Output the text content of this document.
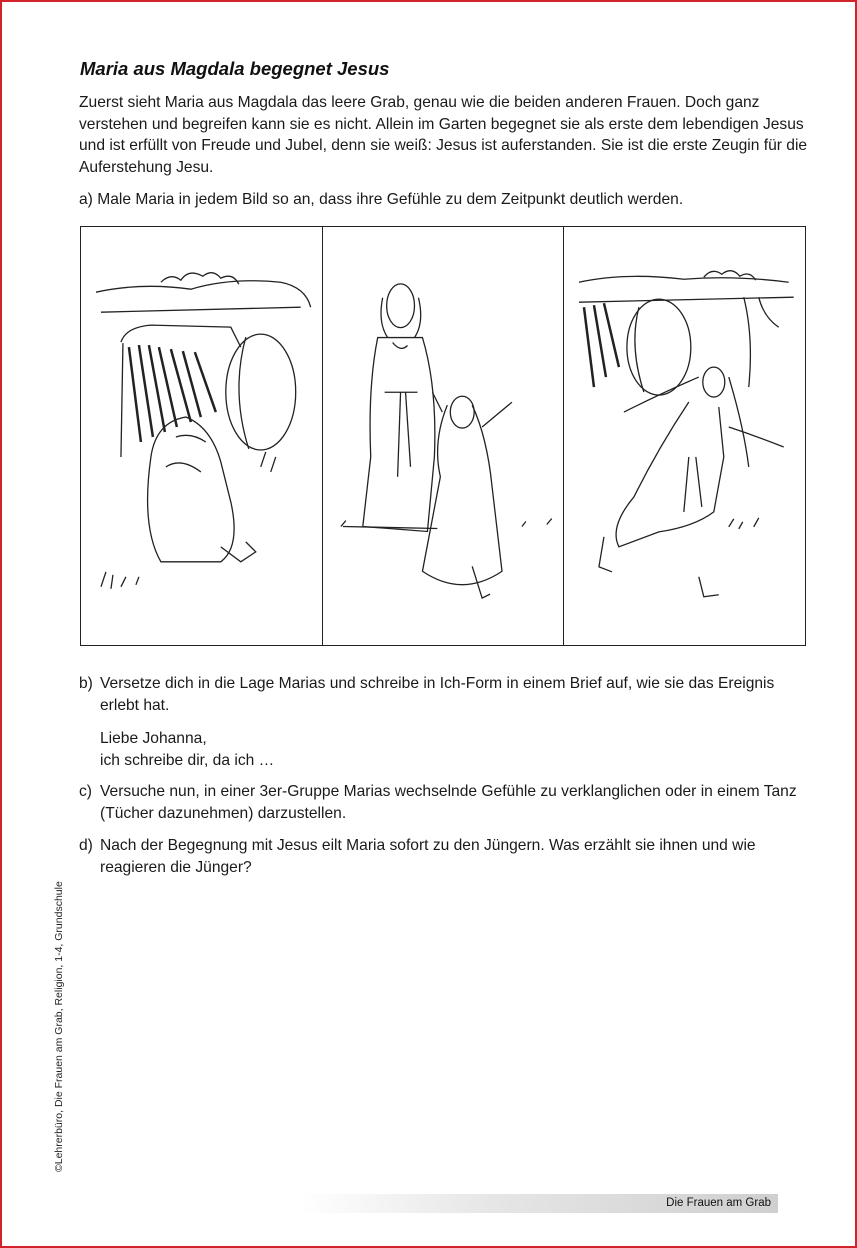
Maria aus Magdala begegnet Jesus

Zuerst sieht Maria aus Magdala das leere Grab, genau wie die beiden anderen Frauen. Doch ganz verstehen und begreifen kann sie es nicht. Allein im Garten begegnet sie als erste dem lebendigen Jesus und ist erfüllt von Freude und Jubel, denn sie weiß: Jesus ist auferstanden. Sie ist die erste Zeugin für die Auferstehung Jesu.

a) Male Maria in jedem Bild so an, dass ihre Gefühle zu dem Zeitpunkt deutlich werden.
b) Versetze dich in die Lage Marias und schreibe in Ich-Form in einem Brief auf, wie sie das Ereignis erlebt hat.
Liebe Johanna,
ich schreibe dir, da ich …
c) Versuche nun, in einer 3er-Gruppe Marias wechselnde Gefühle zu verklanglichen oder in einem Tanz (Tücher dazunehmen) darzustellen.
d) Nach der Begegnung mit Jesus eilt Maria sofort zu den Jüngern. Was erzählt sie ihnen und wie reagieren die Jünger?
©Lehrerbüro, Die Frauen am Grab, Religion, 1-4, Grundschule
Die Frauen am Grab
